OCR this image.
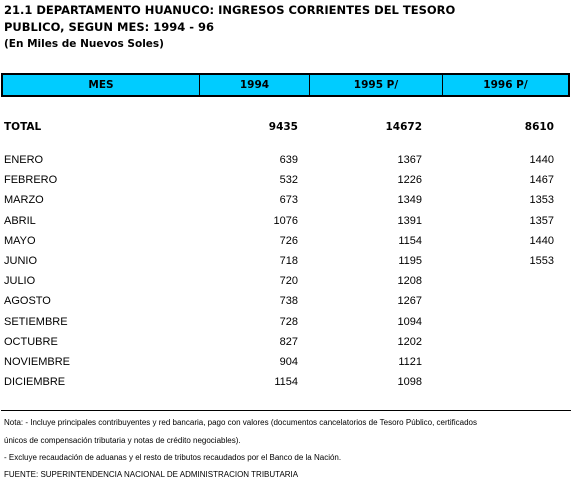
21.1 DEPARTAMENTO HUANUCO: INGRESOS CORRIENTES DEL TESORO
PUBLICO, SEGUN MES: 1994 - 96
(En Miles de Nuevos Soles)
MES	1994	1995 P/	1996 P/
TOTAL	9435	14672	8610
ENERO	639	1367	1440
FEBRERO	532	1226	1467
MARZO	673	1349	1353
ABRIL	1076	1391	1357
MAYO	726	1154	1440
JUNIO	718	1195	1553
JULIO	720	1208
AGOSTO	738	1267
SETIEMBRE	728	1094
OCTUBRE	827	1202
NOVIEMBRE	904	1121
DICIEMBRE	1154	1098
Nota: - Incluye principales contribuyentes y red bancaria, pago con valores (documentos cancelatorios de Tesoro Público, certificados
únicos de compensación tributaria y notas de crédito negociables).
- Excluye recaudación de aduanas y el resto de tributos recaudados por el Banco de la Nación.
FUENTE: SUPERINTENDENCIA NACIONAL DE ADMINISTRACION TRIBUTARIA
